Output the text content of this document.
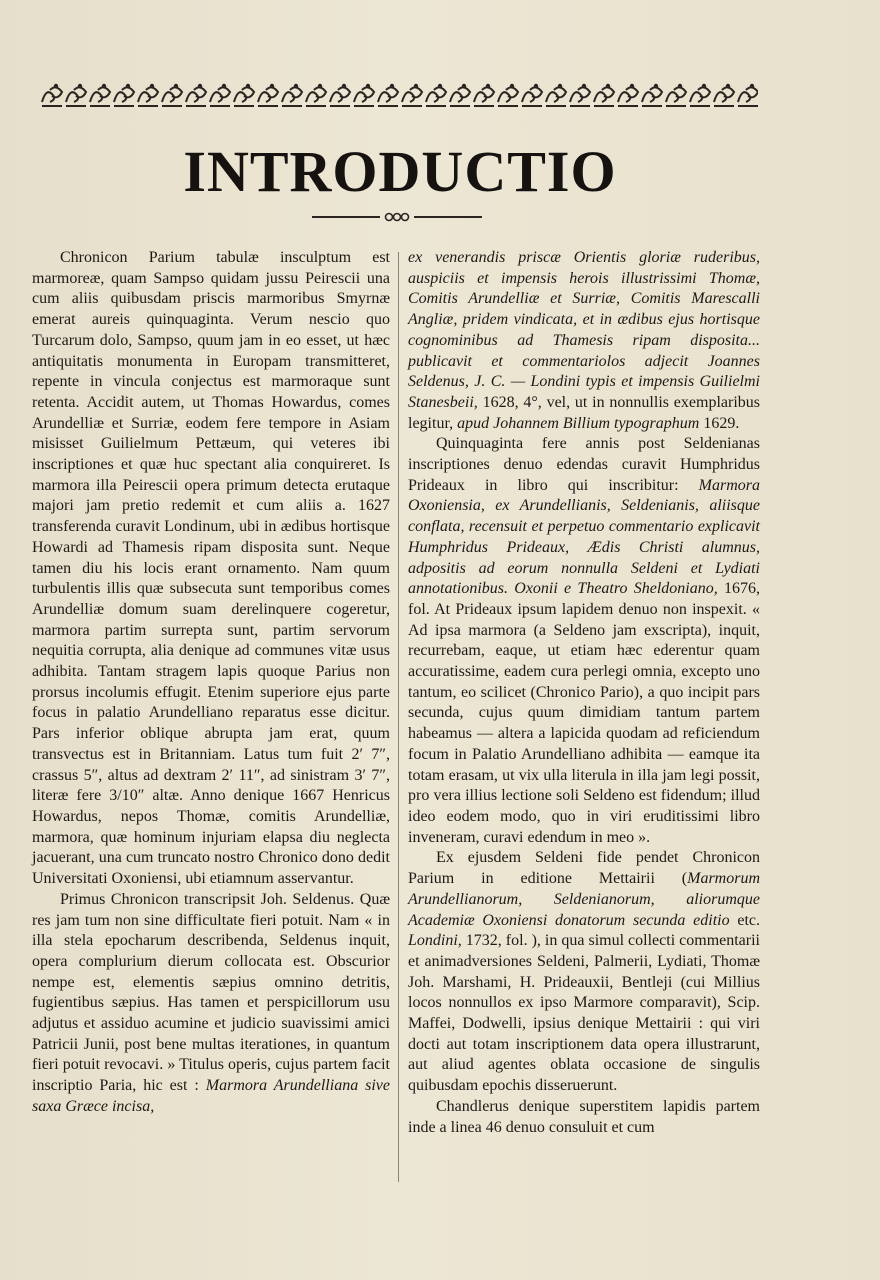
INTRODUCTIO

Chronicon Parium tabulæ insculptum est marmoreæ, quam Sampso quidam jussu Peirescii una cum aliis quibusdam priscis marmoribus Smyrnæ emerat aureis quinquaginta. Verum nescio quo Turcarum dolo, Sampso, quum jam in eo esset, ut hæc antiquitatis monumenta in Europam transmitteret, repente in vincula conjectus est marmoraque sunt retenta. Accidit autem, ut Thomas Howardus, comes Arundelliæ et Surriæ, eodem fere tempore in Asiam misisset Guilielmum Pettæum, qui veteres ibi inscriptiones et quæ huc spectant alia conquireret. Is marmora illa Peirescii opera primum detecta erutaque majori jam pretio redemit et cum aliis a. 1627 transferenda curavit Londinum, ubi in ædibus hortisque Howardi ad Thamesis ripam disposita sunt. Neque tamen diu his locis erant ornamento. Nam quum turbulentis illis quæ subsecuta sunt temporibus comes Arundelliæ domum suam derelinquere cogeretur, marmora partim surrepta sunt, partim servorum nequitia corrupta, alia denique ad communes vitæ usus adhibita. Tantam stragem lapis quoque Parius non prorsus incolumis effugit. Etenim superiore ejus parte focus in palatio Arundelliano reparatus esse dicitur. Pars inferior oblique abrupta jam erat, quum transvectus est in Britanniam. Latus tum fuit 2′ 7″, crassus 5″, altus ad dextram 2′ 11″, ad sinistram 3′ 7″, literæ fere 3/10″ altæ. Anno denique 1667 Henricus Howardus, nepos Thomæ, comitis Arundelliæ, marmora, quæ hominum injuriam elapsa diu neglecta jacuerant, una cum truncato nostro Chronico dono dedit Universitati Oxoniensi, ubi etiamnum asservantur.

Primus Chronicon transcripsit Joh. Seldenus. Quæ res jam tum non sine difficultate fieri potuit. Nam « in illa stela epocharum describenda, Seldenus inquit, opera complurium dierum collocata est. Obscurior nempe est, elementis sæpius omnino detritis, fugientibus sæpius. Has tamen et perspicillorum usu adjutus et assiduo acumine et judicio suavissimi amici Patricii Junii, post bene multas iterationes, in quantum fieri potuit revocavi. » Titulus operis, cujus partem facit inscriptio Paria, hic est : Marmora Arundelliana sive saxa Græce incisa,

ex venerandis priscæ Orientis gloriæ ruderibus, auspiciis et impensis herois illustrissimi Thomæ, Comitis Arundelliæ et Surriæ, Comitis Marescalli Angliæ, pridem vindicata, et in ædibus ejus hortisque cognominibus ad Thamesis ripam disposita... publicavit et commentariolos adjecit Joannes Seldenus, J. C. — Londini typis et impensis Guilielmi Stanesbeii, 1628, 4°, vel, ut in nonnullis exemplaribus legitur, apud Johannem Billium typographum 1629.

Quinquaginta fere annis post Seldenianas inscriptiones denuo edendas curavit Humphridus Prideaux in libro qui inscribitur: Marmora Oxoniensia, ex Arundellianis, Seldenianis, aliisque conflata, recensuit et perpetuo commentario explicavit Humphridus Prideaux, Ædis Christi alumnus, adpositis ad eorum nonnulla Seldeni et Lydiati annotationibus. Oxonii e Theatro Sheldoniano, 1676, fol. At Prideaux ipsum lapidem denuo non inspexit. « Ad ipsa marmora (a Seldeno jam exscripta), inquit, recurrebam, eaque, ut etiam hæc ederentur quam accuratissime, eadem cura perlegi omnia, excepto uno tantum, eo scilicet (Chronico Pario), a quo incipit pars secunda, cujus quum dimidiam tantum partem habeamus — altera a lapicida quodam ad reficiendum focum in Palatio Arundelliano adhibita — eamque ita totam erasam, ut vix ulla literula in illa jam legi possit, pro vera illius lectione soli Seldeno est fidendum; illud ideo eodem modo, quo in viri eruditissimi libro inveneram, curavi edendum in meo ».

Ex ejusdem Seldeni fide pendet Chronicon Parium in editione Mettairii (Marmorum Arundellianorum, Seldenianorum, aliorumque Academiæ Oxoniensi donatorum secunda editio etc. Londini, 1732, fol. ), in qua simul collecti commentarii et animadversiones Seldeni, Palmerii, Lydiati, Thomæ Joh. Marshami, H. Prideauxii, Bentleji (cui Millius locos nonnullos ex ipso Marmore comparavit), Scip. Maffei, Dodwelli, ipsius denique Mettairii : qui viri docti aut totam inscriptionem data opera illustrarunt, aut aliud agentes oblata occasione de singulis quibusdam epochis disseruerunt.

Chandlerus denique superstitem lapidis partem inde a linea 46 denuo consuluit et cum
